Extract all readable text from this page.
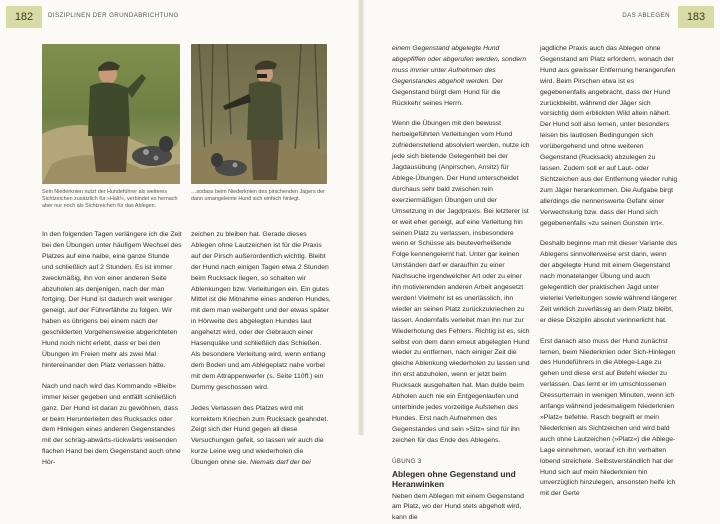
182	DISZIPLINEN DER GRUNDABRICHTUNG
Sein Niederknien nutzt der Hundeführer als weiteres Sichtzeichen zusätzlich für »Halt!«, verbindet es hernach aber nur noch als Sichtzeichen für das Ablegen.
…sodass beim Niederknien des pirschenden Jägers der dann umangeleinte Hund sich einfach hinlegt.

In den folgenden Tagen verlängere ich die Zeit bei den Übungen unter häufigem Wechsel des Platzes auf eine halbe, eine ganze Stunde und schließlich auf 2 Stunden. Es ist immer zweckmäßig, ihn von einer anderen Seite abzuholen als denjenigen, nach der man fortging. Der Hund ist dadurch weit weniger geneigt, auf der Führerfährte zu folgen. Wir haben es übrigens bei einem nach der geschilderten Vorgehensweise abgerichteten Hund noch nicht erlebt, dass er bei den Übungen im Freien mehr als zwei Mal hintereinander den Platz verlassen hätte.

Nach und nach wird das Kommando »Bleib« immer leiser gegeben und entfällt schließlich ganz. Der Hund ist daran zu gewöhnen, dass er beim Herunterleiten des Rucksacks oder dem Hinlegen eines anderen Gegenstandes mit der schräg-abwärts-rückwärts weisenden flachen Hand bei dem Gegenstand auch ohne Hör-

zeichen zu bleiben hat. Gerade dieses Ablegen ohne Lautzeichen ist für die Praxis auf der Pirsch außerordentlich wichtig. Bleibt der Hund nach einigen Tagen etwa 2 Stunden beim Rucksack liegen, so schalten wir Ablenkungen bzw. Verleitungen ein. Ein gutes Mittel ist die Mitnahme eines anderen Hundes, mit dem man weitergeht und der etwas später in Hörweite des abgelegten Hundes laut angehetzt wird, oder der Gebrauch einer Hasenquäke und schließlich das Schießen. Als besondere Verleitung wird, wenn entlang dem Boden und am Ablegeplatz nahe vorbei mit dem Attrappenwerfer (s. Seite 110ff.) ein Dummy geschossen wird.

Jedes Verlassen des Platzes wird mit korrektem Kriechen zum Rucksack geahndet. Zeigt sich der Hund gegen all diese Versuchungen gefeit, so lassen wir auch die kurze Leine weg und wiederholen die Übungen ohne sie. Niemals darf der bei

183
DAS ABLEGEN

einem Gegenstand abgelegte Hund abgepfiffen oder abgerufen werden, sondern muss immer unter Aufnehmen des Gegenstandes abgeholt werden. Der Gegenstand bürgt dem Hund für die Rückkehr seines Herrn.

Wenn die Übungen mit den bewusst herbeigeführten Verleitungen vom Hund zufriedenstellend absolviert werden, nutze ich jede sich bietende Gelegenheit bei der Jagdausübung (Anpirschen, Ansitz) für Ablege-Übungen. Der Hund unterscheidet durchaus sehr bald zwischen rein exerziermäßigen Übungen und der Umsetzung in der Jagdpraxis. Bei letzterer ist er weit eher geneigt, auf eine Verleitung hin seinen Platz zu verlassen, insbesondere wenn er Schüsse als beuteverheißende Folge kennengelernt hat. Unter gar keinen Umständen darf er daraufhin zu einer Nachsuche irgendwelcher Art oder zu einer ihn motivierenden anderen Arbeit angesetzt werden! Vielmehr ist es unerlässlich, ihn wieder an seinen Platz zurückzukriechen zu lassen. Andernfalls verleitet man ihn nur zur Wiederholung des Fehlers. Richtig ist es, sich selbst von dem dann erneut abgelegten Hund wieder zu entfernen, nach einiger Zeit die gleiche Ablenkung wiederholen zu lassen und ihn erst abzuholen, wenn er jetzt beim Rucksack ausgehalten hat. Man dulde beim Abholen auch nie ein Entgegenlaufen und unterbinde jedes vorzeitige Aufstehen des Hundes. Erst nach Aufnehmen des Gegenstandes und sein »Sitz« sind für ihn zeichen für das Ende des Ablegens.

ÜBUNG 3
Ablegen ohne Gegenstand und Heranwinken

Neben dem Ablegen mit einem Gegenstand am Platz, wo der Hund stets abgeholt wird, kann die

jagdliche Praxis auch das Ablegen ohne Gegenstand am Platz erfordern, wonach der Hund aus gewisser Entfernung herangerufen wird. Beim Pirschen etwa ist es gegebenenfalls angebracht, dass der Hund zurückbleibt, während der Jäger sich vorsichtig dem erblickten Wild allein nähert. Der Hund soll also lernen, unter besonders leisen bis lautlosen Bedingungen sich vorübergehend und ohne weiteren Gegenstand (Rucksack) abzulegen zu lassen. Zudem soll er auf Laut- oder Sichtzeichen aus der Entfernung wieder ruhig zum Jäger herankommen. Die Aufgabe birgt allerdings die nennenswerte Gefahr einer Verwechslung bzw. dass der Hund sich gegebenenfalls »zu seinen Gunsten irrt«.

Deshalb beginne man mit dieser Variante des Ablegens sinnvollerweise erst dann, wenn der abgelegte Hund mit einem Gegenstand nach monatelanger Übung und auch gelegentlich der praktischen Jagd unter vielerlei Verleitungen sowie während längerer Zeit wirklich zuverlässig an dem Platz bleibt, er diese Disziplin absolut verinnerlicht hat.

Erst danach also muss der Hund zunächst lernen, beim Niederknien oder Sich-Hinlegen des Hundeführers in die Ablege-Lage zu gehen und diese erst auf Befehl wieder zu verlassen. Das lernt er im umschlossenen Dressurterrain in wenigen Minuten, wenn ich anfangs während jedesmaligem Niederknien »Platz« befehle. Rasch begreift er mein Niederknien als Sichtzeichen und wird bald auch ohne Lautzeichen (»Platz«) die Ablege-Lage einnehmen, worauf ich ihn verhalten lobend streichele. Selbstverständlich hat der Hund sich auf mein Niederknien hin unverzüglich hinzulegen, ansonsten helfe ich mit der Gerte
